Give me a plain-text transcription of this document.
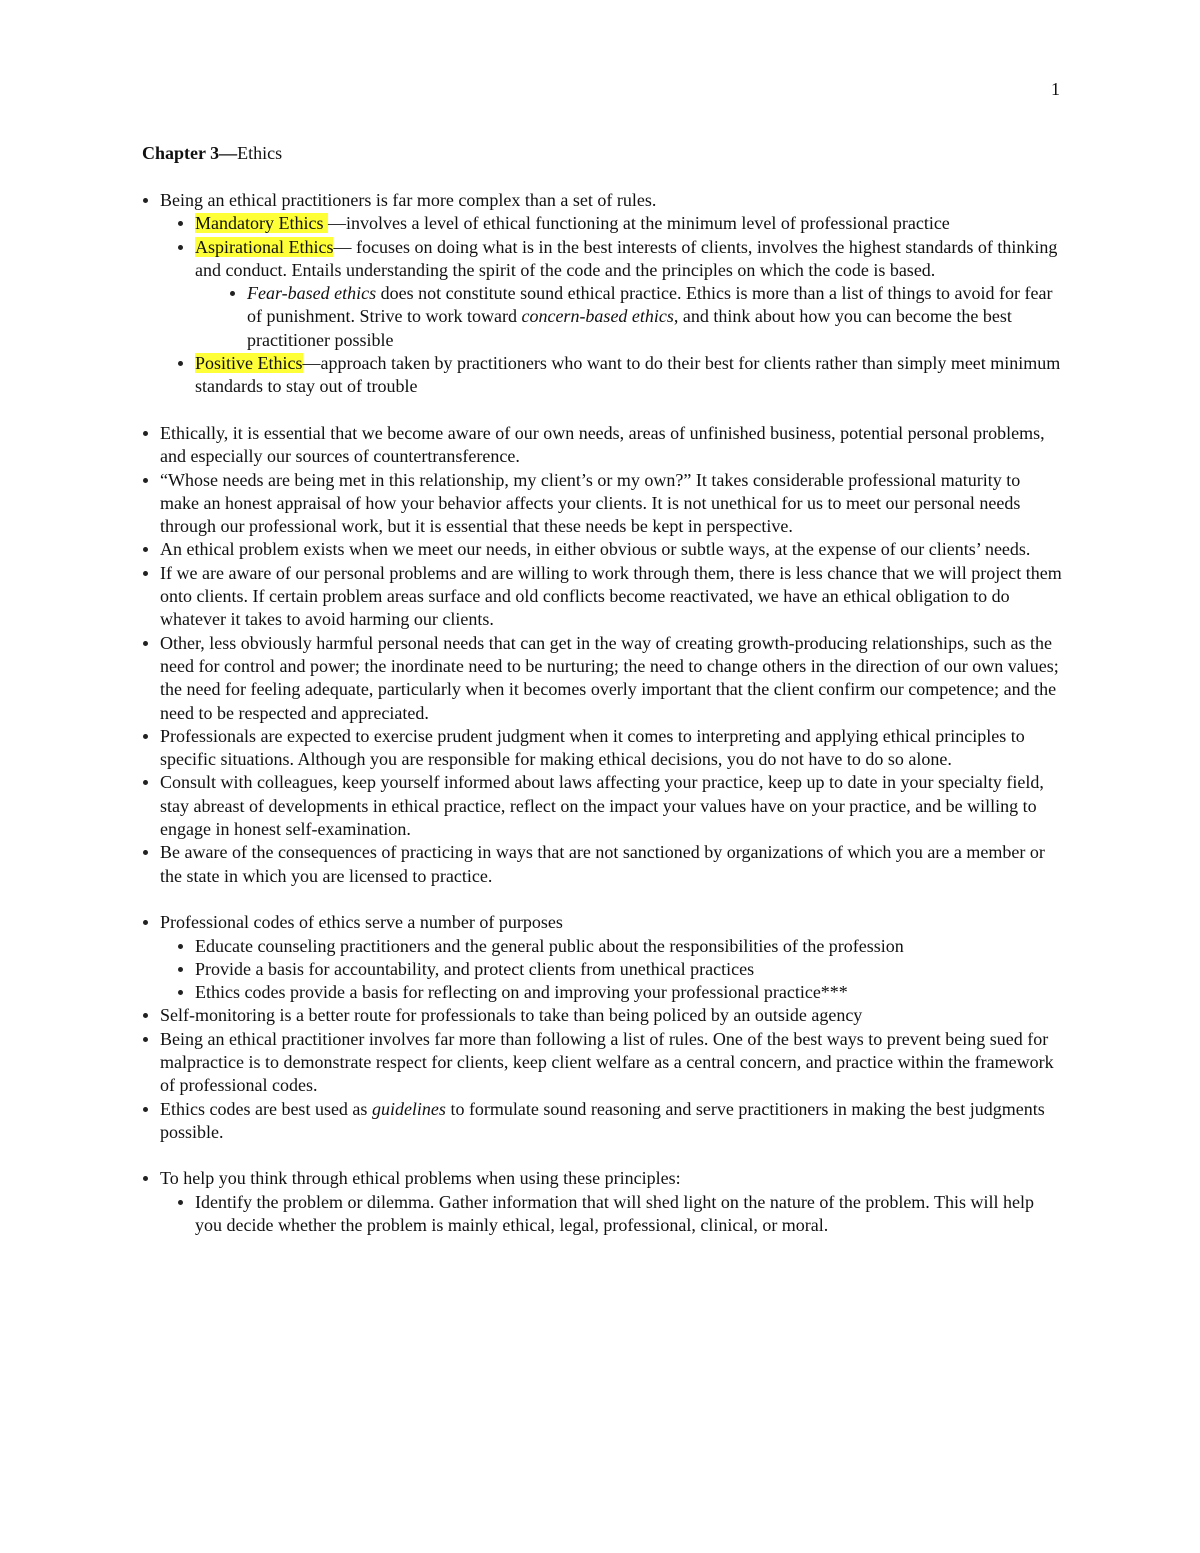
1
Chapter 3—Ethics
Being an ethical practitioners is far more complex than a set of rules.
Mandatory Ethics —involves a level of ethical functioning at the minimum level of professional practice
Aspirational Ethics— focuses on doing what is in the best interests of clients, involves the highest standards of thinking and conduct. Entails understanding the spirit of the code and the principles on which the code is based.
Fear-based ethics does not constitute sound ethical practice. Ethics is more than a list of things to avoid for fear of punishment. Strive to work toward concern-based ethics, and think about how you can become the best practitioner possible
Positive Ethics—approach taken by practitioners who want to do their best for clients rather than simply meet minimum standards to stay out of trouble
Ethically, it is essential that we become aware of our own needs, areas of unfinished business, potential personal problems, and especially our sources of countertransference.
“Whose needs are being met in this relationship, my client’s or my own?” It takes considerable professional maturity to make an honest appraisal of how your behavior affects your clients. It is not unethical for us to meet our personal needs through our professional work, but it is essential that these needs be kept in perspective.
An ethical problem exists when we meet our needs, in either obvious or subtle ways, at the expense of our clients’ needs.
If we are aware of our personal problems and are willing to work through them, there is less chance that we will project them onto clients. If certain problem areas surface and old conflicts become reactivated, we have an ethical obligation to do whatever it takes to avoid harming our clients.
Other, less obviously harmful personal needs that can get in the way of creating growth-producing relationships, such as the need for control and power; the inordinate need to be nurturing; the need to change others in the direction of our own values; the need for feeling adequate, particularly when it becomes overly important that the client confirm our competence; and the need to be respected and appreciated.
Professionals are expected to exercise prudent judgment when it comes to interpreting and applying ethical principles to specific situations. Although you are responsible for making ethical decisions, you do not have to do so alone.
Consult with colleagues, keep yourself informed about laws affecting your practice, keep up to date in your specialty field, stay abreast of developments in ethical practice, reflect on the impact your values have on your practice, and be willing to engage in honest self-examination.
Be aware of the consequences of practicing in ways that are not sanctioned by organizations of which you are a member or the state in which you are licensed to practice.
Professional codes of ethics serve a number of purposes
Educate counseling practitioners and the general public about the responsibilities of the profession
Provide a basis for accountability, and protect clients from unethical practices
Ethics codes provide a basis for reflecting on and improving your professional practice***
Self-monitoring is a better route for professionals to take than being policed by an outside agency
Being an ethical practitioner involves far more than following a list of rules. One of the best ways to prevent being sued for malpractice is to demonstrate respect for clients, keep client welfare as a central concern, and practice within the framework of professional codes.
Ethics codes are best used as guidelines to formulate sound reasoning and serve practitioners in making the best judgments possible.
To help you think through ethical problems when using these principles:
Identify the problem or dilemma. Gather information that will shed light on the nature of the problem. This will help you decide whether the problem is mainly ethical, legal, professional, clinical, or moral.
